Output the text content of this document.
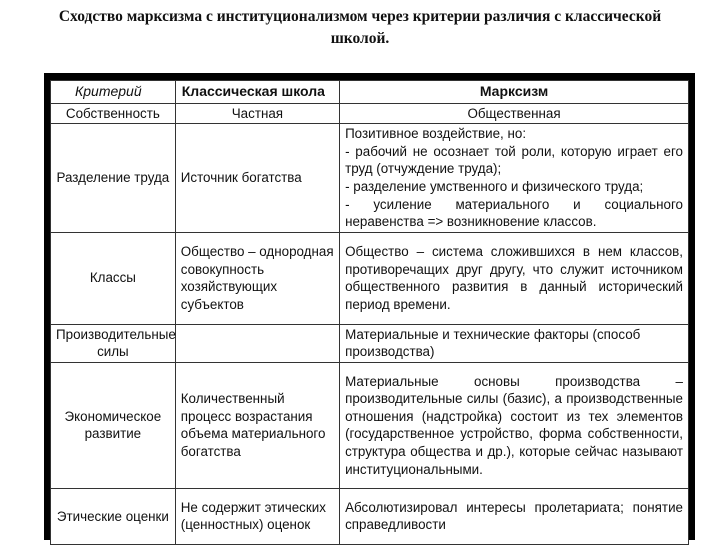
Сходство марксизма с институционализмом через критерии различия с классической школой.
Критерий	Классическая школа	Марксизм
Собственность	Частная	Общественная
Разделение труда	Источник богатства	Позитивное воздействие, но:
- рабочий не осознает той роли, которую играет его труд (отчуждение труда);
- разделение умственного и физического труда;
- усиление материального и социального неравенства => возникновение классов.

Классы	Общество – однородная совокупность хозяйствующих субъектов	Общество – система сложившихся в нем классов, противоречащих друг другу, что служит источником общественного развития в данный исторический период времени.
Производительные силы		Материальные и технические факторы (способ производства)
Экономическое развитие	Количественный процесс возрастания объема материального богатства	Материальные основы производства – производительные силы (базис), а производственные отношения (надстройка) состоит из тех элементов (государственное устройство, форма собственности, структура общества и др.), которые сейчас называют институциональными.
Этические оценки	Не содержит этических (ценностных) оценок	Абсолютизировал интересы пролетариата; понятие справедливости
